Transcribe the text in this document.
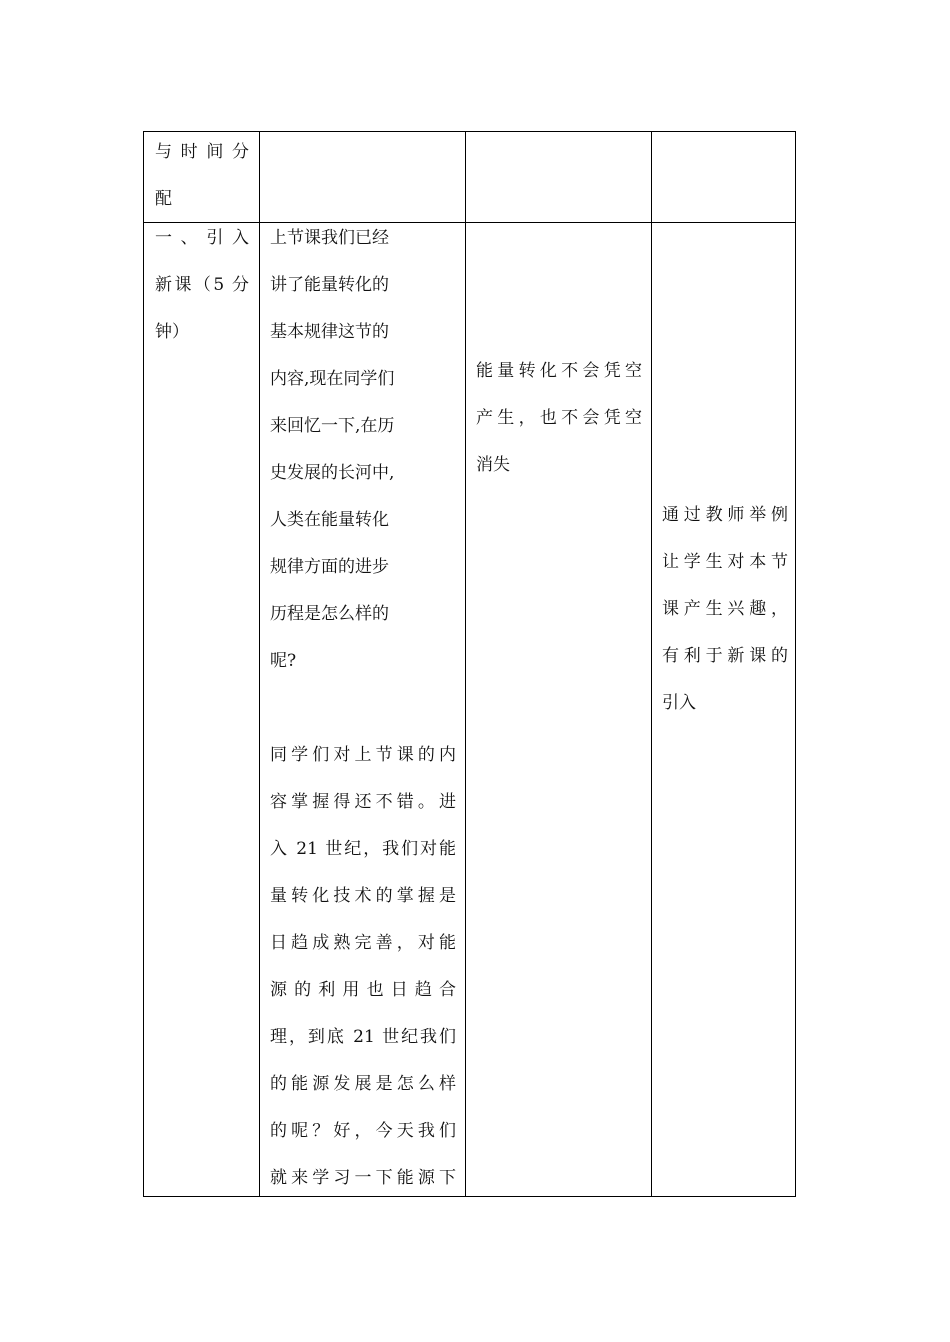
与 时 间 分
配
一 、 引 入
新课（5 分
钟）
上节课我们已经
讲了能量转化的
基本规律这节的
内容,现在同学们
来回忆一下,在历
史发展的长河中,
人类在能量转化
规律方面的进步
历程是怎么样的
呢?
同学们对上节课的内
容掌握得还不错。进
入 21 世纪，我们对能
量转化技术的掌握是
日趋成熟完善，对能
源 的 利 用 也 日 趋 合
理，到底 21 世纪我们
的能源发展是怎么样
的呢？好，今天我们
就来学习一下能源下
能量转化不会凭空
产生，也不会凭空
消失
通过教师举例
让学生对本节
课产生兴趣，
有利于新课的
引入
